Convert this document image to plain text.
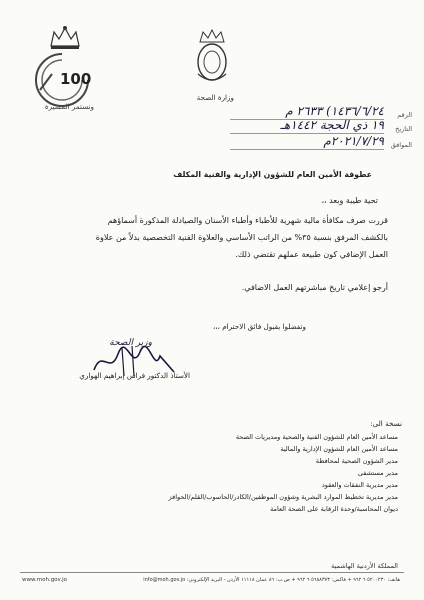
100
ونستمر المسيرة
وزارة الصحة
الرقم
١٤٣٦/٦/٢٤) ٢٦٣٣ م
التاريخ
١٩ ذي الحجة ١٤٤٢هـ
الموافق
٢٠٢١/٧/٢٩م
عطوفة الأمين العام للشؤون الإدارية والفنية المكلف
تحية طيبة وبعد ،،
قررت صرف مكافأة مالية شهرية للأطباء وأطباء الأسنان والصيادلة المذكورة أسماؤهم
بالكشف المرفق بنسبة ٣٥% من الراتب الأساسي والعلاوة الفنية التخصصية بدلاً من علاوة
العمل الإضافي كون طبيعة عملهم تقتضي ذلك.
أرجو إعلامي تاريخ مباشرتهم العمل الاضافي.
وتفضلوا بقبول فائق الاحترام ،،،
وزير الصحة
الأستاذ الدكتور فراس إبراهيم الهواري
نسخة الى:
مساعد الأمين العام للشؤون الفنية والصحية ومديريات الصحة
مساعد الأمين العام للشؤون الإدارية والمالية
مدير الشؤون الصحية لمحافظة
مدير مستشفى
مدير مديرية النفقات والعقود
مدير مديرية تخطيط الموارد البشرية وشؤون الموظفين/الكادر/الحاسوب/القلم/الحوافز
ديوان المحاسبة/وحدة الرقابة على الصحة العامة
المملكة الأردنية الهاشمية
هاتف: ٥٢٠٠٢٣٠ ٦ ٩٦٢ + فاكس: ٥٦٨٨٣٧٣ ٦ ٩٦٢ + ص.ب: ٨٦ عمان ١١١١٨ الأردن - البريد الإلكتروني: info@moh.gov.jo
www.moh.gov.jo
